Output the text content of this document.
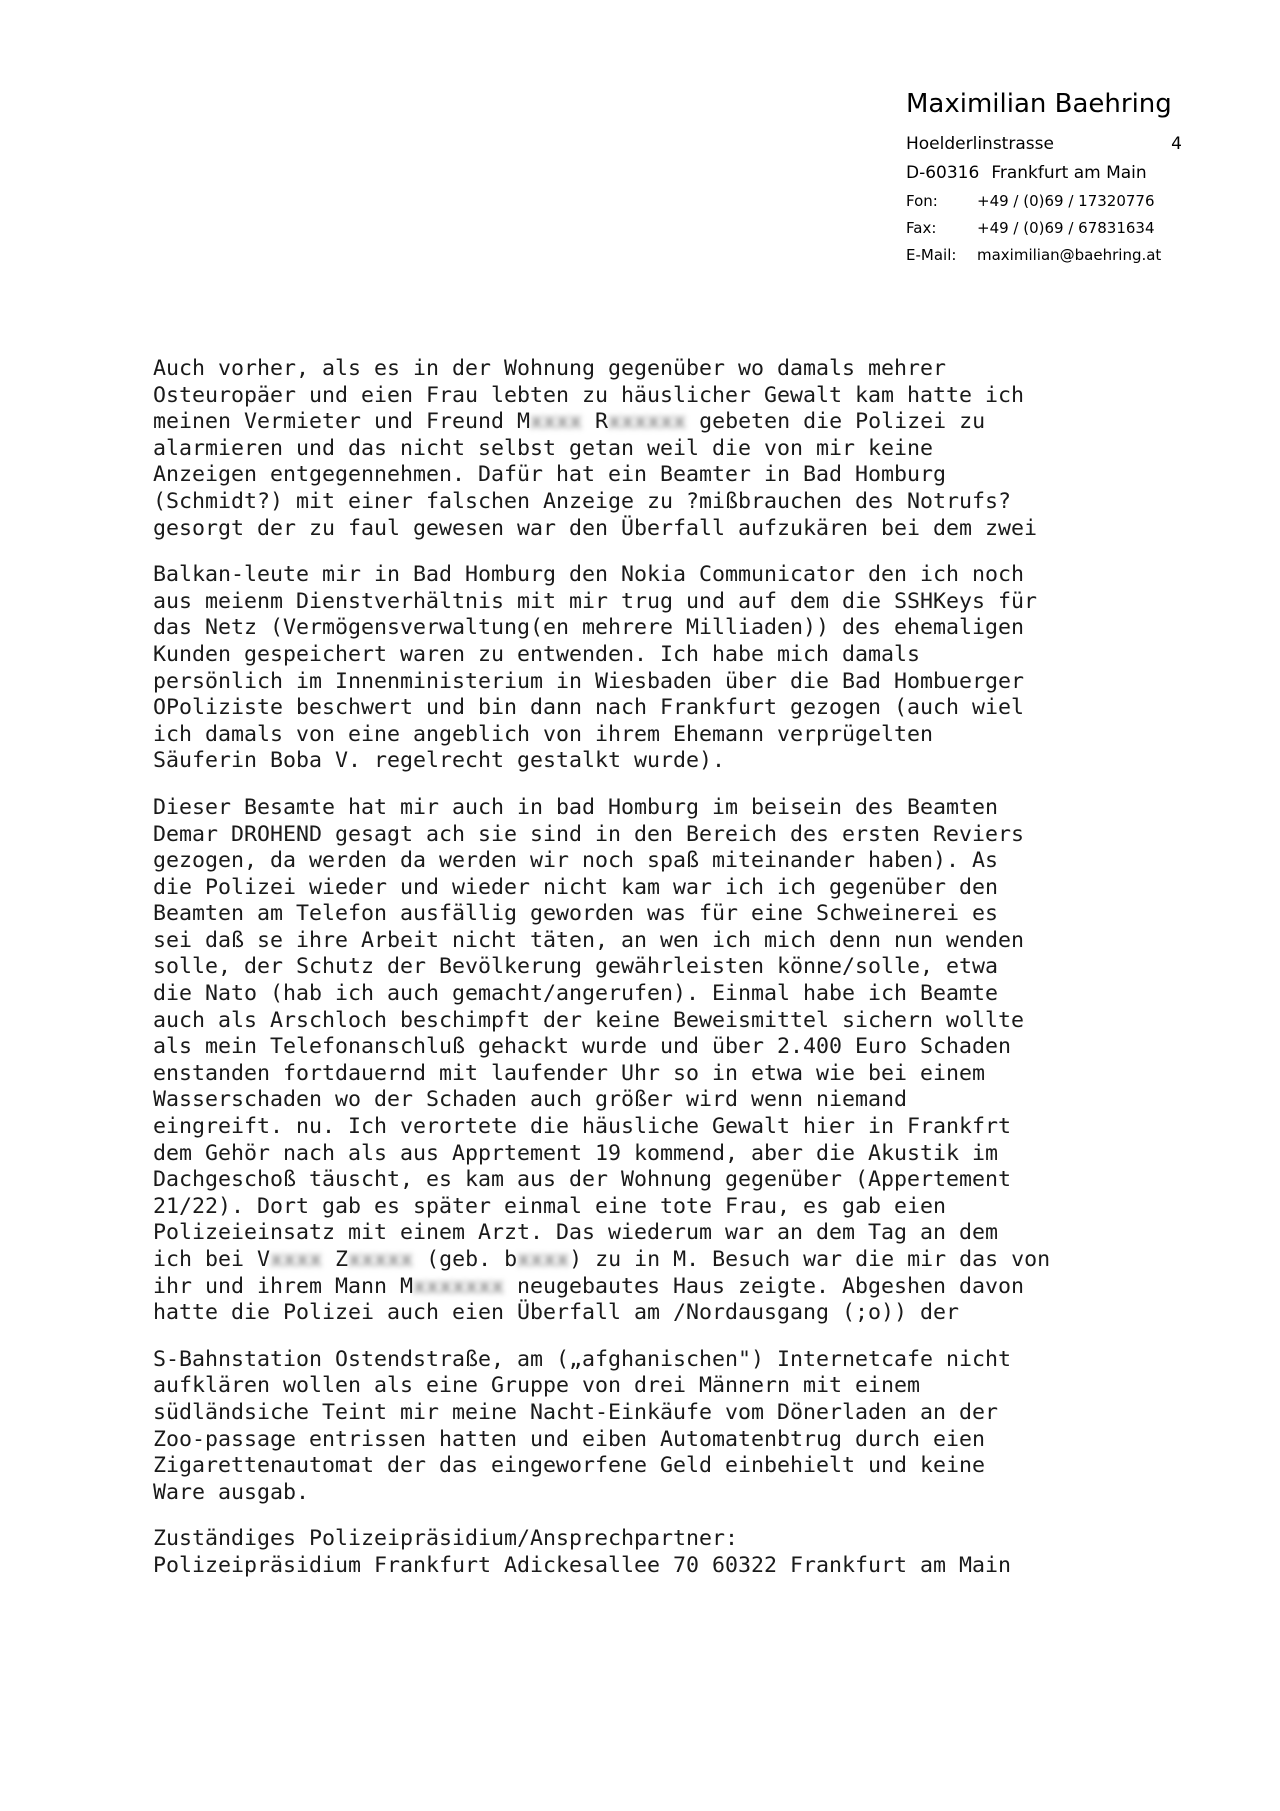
Maximilian Baehring
Hoelderlinstrasse	4
D-60316 Frankfurt am Main
Fon:	+49 / (0)69 / 17320776
Fax:	+49 / (0)69 / 67831634
E-Mail:	maximilian@baehring.at
Auch vorher, als es in der Wohnung gegenüber wo damals mehrer
Osteuropäer und eien Frau lebten zu häuslicher Gewalt kam hatte ich
meinen Vermieter und Freund Mxxxx Rxxxxxx gebeten die Polizei zu
alarmieren und das nicht selbst getan weil die von mir keine
Anzeigen entgegennehmen. Dafür hat ein Beamter in Bad Homburg
(Schmidt?) mit einer falschen Anzeige zu ?mißbrauchen des Notrufs?
gesorgt der zu faul gewesen war den Überfall aufzukären bei dem zwei
Balkan-leute mir in Bad Homburg den Nokia Communicator den ich noch
aus meienm Dienstverhältnis mit mir trug und auf dem die SSHKeys für
das Netz (Vermögensverwaltung(en mehrere Milliaden)) des ehemaligen
Kunden gespeichert waren zu entwenden. Ich habe mich damals
persönlich im Innenministerium in Wiesbaden über die Bad Hombuerger
OPoliziste beschwert und bin dann nach Frankfurt gezogen (auch wiel
ich damals von eine angeblich von ihrem Ehemann verprügelten
Säuferin Boba V. regelrecht gestalkt wurde).
Dieser Besamte hat mir auch in bad Homburg im beisein des Beamten
Demar DROHEND gesagt ach sie sind in den Bereich des ersten Reviers
gezogen, da werden da werden wir noch spaß miteinander haben). As
die Polizei wieder und wieder nicht kam war ich ich gegenüber den
Beamten am Telefon ausfällig geworden was für eine Schweinerei es
sei daß se ihre Arbeit nicht täten, an wen ich mich denn nun wenden
solle, der Schutz der Bevölkerung gewährleisten könne/solle, etwa
die Nato (hab ich auch gemacht/angerufen). Einmal habe ich Beamte
auch als Arschloch beschimpft der keine Beweismittel sichern wollte
als mein Telefonanschluß gehackt wurde und über 2.400 Euro Schaden
enstanden fortdauernd mit laufender Uhr so in etwa wie bei einem
Wasserschaden wo der Schaden auch größer wird wenn niemand
eingreift. nu. Ich verortete die häusliche Gewalt hier in Frankfrt
dem Gehör nach als aus Apprtement 19 kommend, aber die Akustik im
Dachgeschoß täuscht, es kam aus der Wohnung gegenüber (Appertement
21/22). Dort gab es später einmal eine tote Frau, es gab eien
Polizeieinsatz mit einem Arzt. Das wiederum war an dem Tag an dem
ich bei Vxxxx Zxxxxx (geb. bxxxx) zu in M. Besuch war die mir das von
ihr und ihrem Mann Mxxxxxxx neugebautes Haus zeigte. Abgeshen davon
hatte die Polizei auch eien Überfall am /Nordausgang (;o)) der
S-Bahnstation Ostendstraße, am („afghanischen") Internetcafe nicht
aufklären wollen als eine Gruppe von drei Männern mit einem
südländsiche Teint mir meine Nacht-Einkäufe vom Dönerladen an der
Zoo-passage entrissen hatten und eiben Automatenbtrug durch eien
Zigarettenautomat der das eingeworfene Geld einbehielt und keine
Ware ausgab.
Zuständiges Polizeipräsidium/Ansprechpartner:
Polizeipräsidium Frankfurt Adickesallee 70 60322 Frankfurt am Main
